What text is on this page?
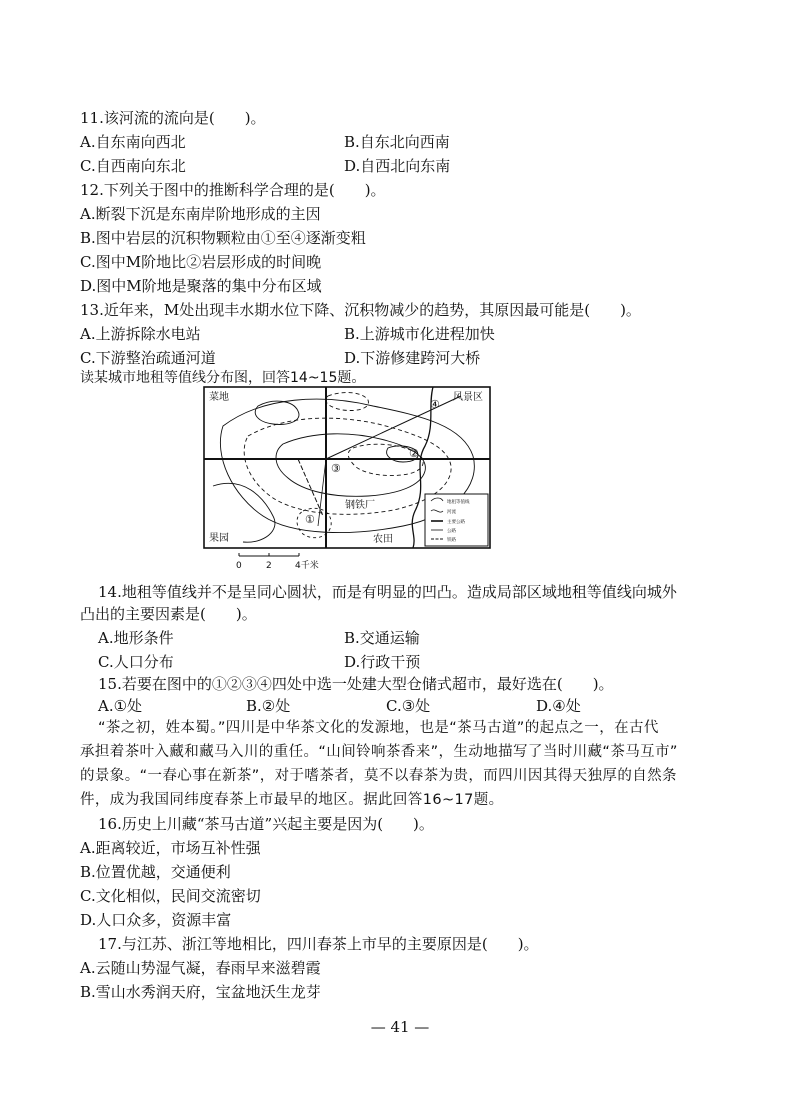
11.该河流的流向是(　　)。
A.自东南向西北	B.自东北向西南
C.自西南向东北	D.自西北向东南
12.下列关于图中的推断科学合理的是(　　)。
A.断裂下沉是东南岸阶地形成的主因
B.图中岩层的沉积物颗粒由①至④逐渐变粗
C.图中M阶地比②岩层形成的时间晚
D.图中M阶地是聚落的集中分布区域
13.近年来，M处出现丰水期水位下降、沉积物减少的趋势，其原因最可能是(　　)。
A.上游拆除水电站	B.上游城市化进程加快
C.下游整治疏通河道	D.下游修建跨河大桥
读某城市地租等值线分布图，回答14~15题。
地租等值线
河流
主要公路
公路
铁路
菜地	风景区
果园	农田
钢铁厂
①
②
③
④
0	2	4千米
14.地租等值线并不是呈同心圆状，而是有明显的凹凸。造成局部区域地租等值线向城外
凸出的主要因素是(　　)。
A.地形条件	B.交通运输
C.人口分布	D.行政干预
15.若要在图中的①②③④四处中选一处建大型仓储式超市，最好选在(　　)。
A.①处	B.②处	C.③处	D.④处
“茶之初，姓本蜀。”四川是中华茶文化的发源地，也是“茶马古道”的起点之一，在古代
承担着茶叶入藏和藏马入川的重任。“山间铃响茶香来”，生动地描写了当时川藏“茶马互市”
的景象。“一春心事在新茶”，对于嗜茶者，莫不以春茶为贵，而四川因其得天独厚的自然条
件，成为我国同纬度春茶上市最早的地区。据此回答16~17题。
16.历史上川藏“茶马古道”兴起主要是因为(　　)。
A.距离较近，市场互补性强
B.位置优越，交通便利
C.文化相似，民间交流密切
D.人口众多，资源丰富
17.与江苏、浙江等地相比，四川春茶上市早的主要原因是(　　)。
A.云随山势湿气凝，春雨早来滋碧霞
B.雪山水秀润天府，宝盆地沃生龙芽
— 41 —
